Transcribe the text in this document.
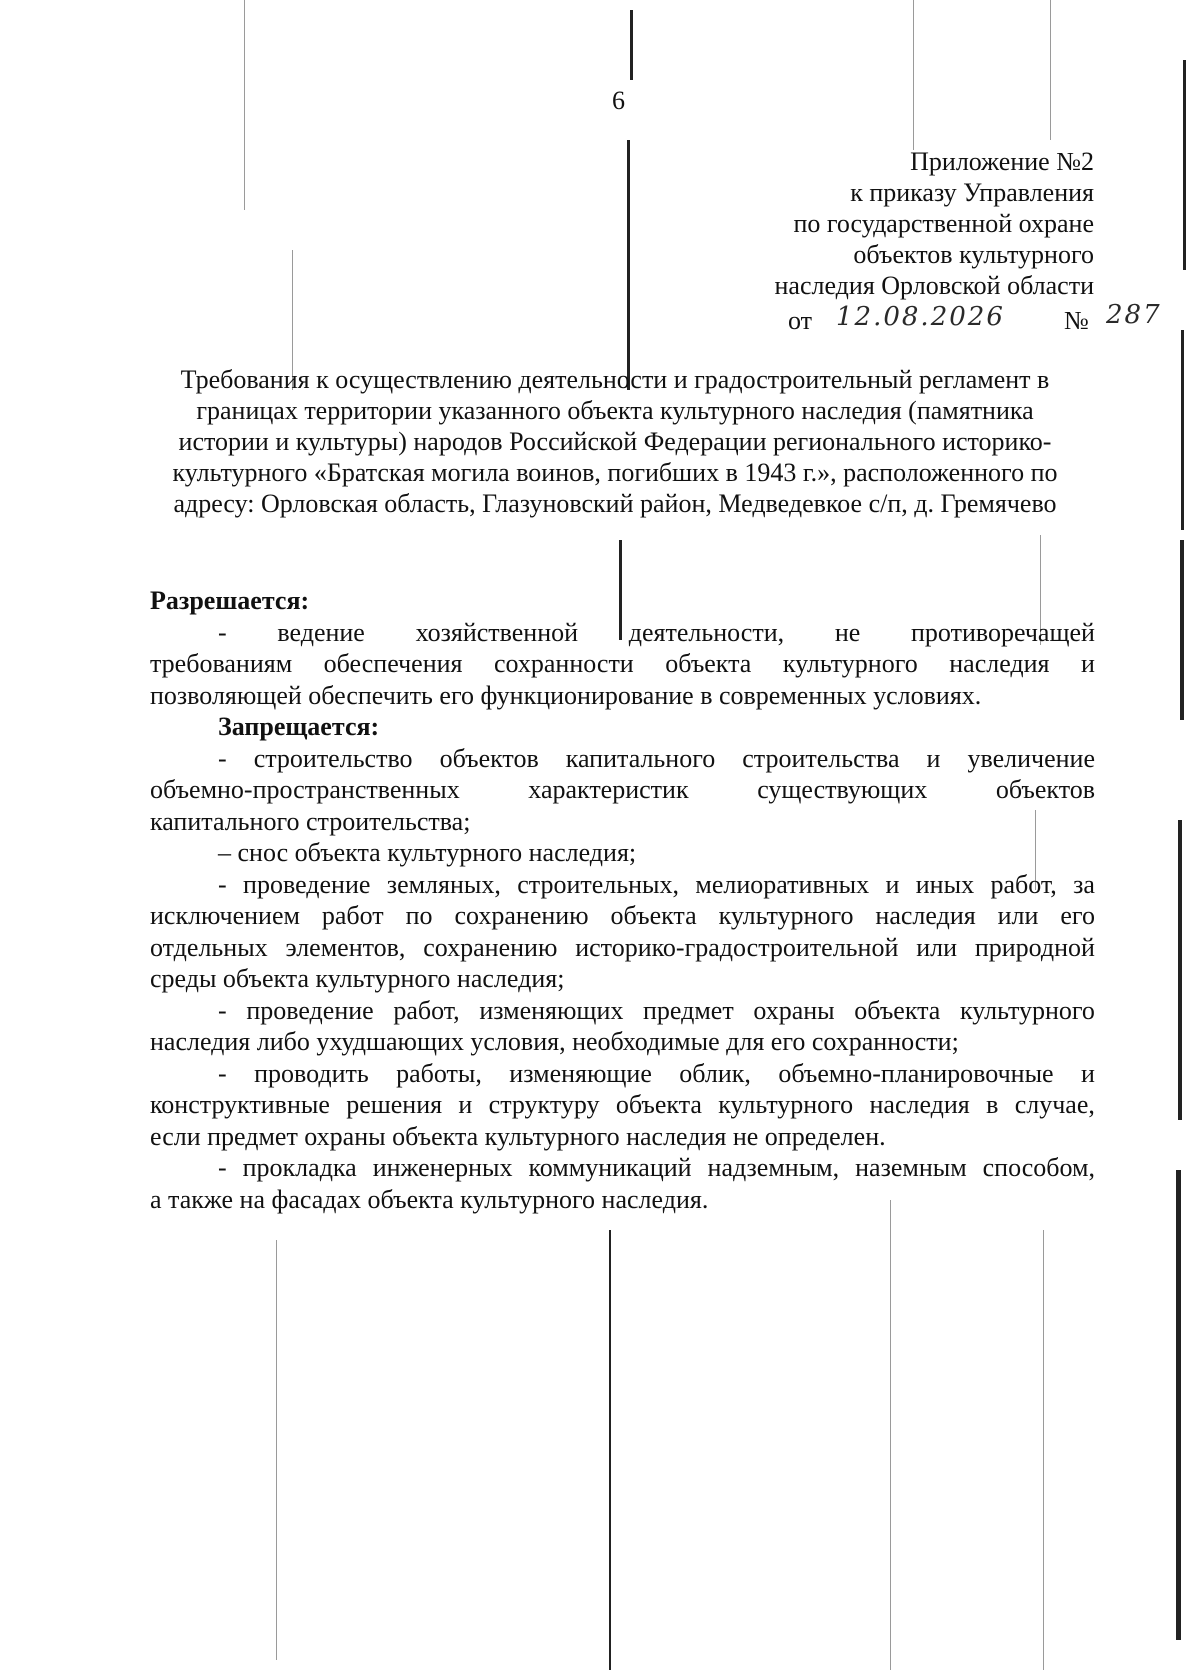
6
Приложение №2
к приказу Управления
по государственной охране
объектов культурного
наследия Орловской области
от 12.08.2026 № 287
Требования к осуществлению деятельности и градостроительный регламент в
границах территории указанного объекта культурного наследия (памятника
истории и культуры) народов Российской Федерации регионального историко-
культурного «Братская могила воинов, погибших в 1943 г.», расположенного по
адресу: Орловская область, Глазуновский район, Медведевкое с/п, д. Гремячево
Разрешается:
- ведение хозяйственной деятельности, не противоречащей
требованиям обеспечения сохранности объекта культурного наследия и
позволяющей обеспечить его функционирование в современных условиях.
Запрещается:
- строительство объектов капитального строительства и увеличение
объемно-пространственных	характеристик	существующих	объектов
капитального строительства;
– снос объекта культурного наследия;
- проведение земляных, строительных, мелиоративных и иных работ, за
исключением работ по сохранению объекта культурного наследия или его
отдельных элементов, сохранению историко-градостроительной или природной
среды объекта культурного наследия;
- проведение работ, изменяющих предмет охраны объекта культурного
наследия либо ухудшающих условия, необходимые для его сохранности;
- проводить работы, изменяющие облик, объемно-планировочные и
конструктивные решения и структуру объекта культурного наследия в случае,
если предмет охраны объекта культурного наследия не определен.
- прокладка инженерных коммуникаций надземным, наземным способом,
а также на фасадах объекта культурного наследия.
